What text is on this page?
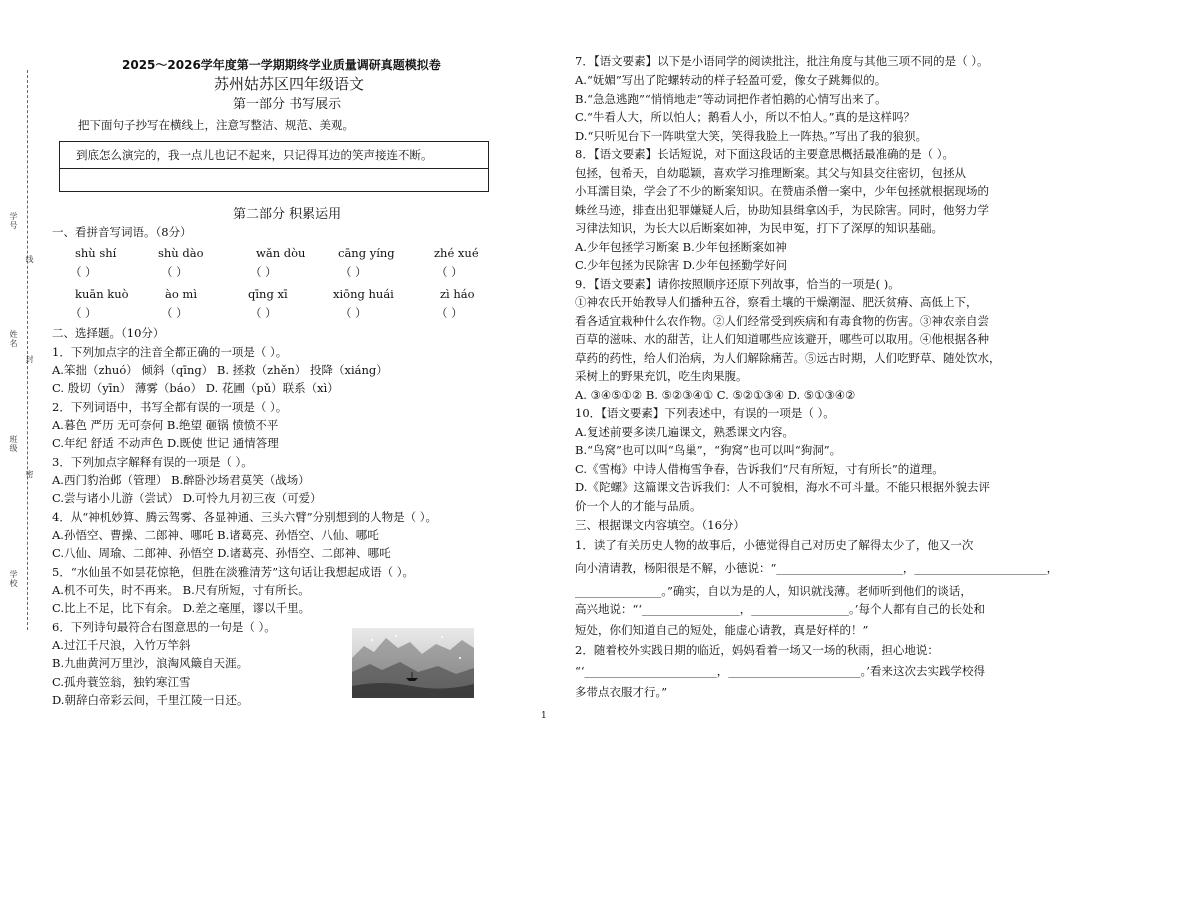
学校
班级
姓名
学号
密
封
线
2025～2026学年度第一学期期终学业质量调研真题模拟卷
苏州姑苏区四年级语文
第一部分 书写展示
把下面句子抄写在横线上，注意写整洁、规范、美观。
到底怎么演完的，我一点儿也记不起来，只记得耳边的笑声接连不断。
第二部分 积累运用
一、看拼音写词语。（8分）
shù shí	shù dào	wǎn dòu	cāng yíng	zhé xué
（ ）	（ ）	（ ）	（ ）	（ ）
kuān kuò	ào mì	qīng xī	xiōng huái	zì háo
（ ）	（ ）	（ ）	（ ）	（ ）
二、选择题。（10分）
1．下列加点字的注音全都正确的一项是（ ）。
A.笨拙（zhuó） 倾斜（qīng） B. 拯救（zhěn） 投降（xiáng）
C. 殷切（yīn） 薄雾（báo） D. 花圃（pǔ）联系（xì）
2．下列词语中，书写全都有误的一项是（ ）。
A.暮色 严历 无可奈何 B.绝望 砸锅 愤愤不平
C.年纪 舒适 不动声色 D.既使 世记 通情答理
3．下列加点字解释有误的一项是（ ）。
A.西门豹治邺（管理） B.醉卧沙场君莫笑（战场）
C.尝与诸小儿游（尝试） D.可怜九月初三夜（可爱）
4．从“神机妙算、腾云驾雾、各显神通、三头六臂”分别想到的人物是（ ）。
A.孙悟空、曹操、二郎神、哪吒 B.诸葛亮、孙悟空、八仙、哪吒
C.八仙、周瑜、二郎神、孙悟空 D.诸葛亮、孙悟空、二郎神、哪吒
5．“水仙虽不如昙花惊艳，但胜在淡雅清芳”这句话让我想起成语（ ）。
A.机不可失，时不再来。 B.尺有所短，寸有所长。
C.比上不足，比下有余。 D.差之毫厘，谬以千里。
6．下列诗句最符合右图意思的一句是（ ）。
A.过江千尺浪，入竹万竿斜
B.九曲黄河万里沙，浪淘风簸自天涯。
C.孤舟蓑笠翁，独钓寒江雪
D.朝辞白帝彩云间，千里江陵一日还。
7．【语文要素】以下是小语同学的阅读批注，批注角度与其他三项不同的是（ ）。
A.“妩媚”写出了陀螺转动的样子轻盈可爱，像女子跳舞似的。
B.“急急逃跑”“悄悄地走”等动词把作者怕鹅的心情写出来了。
C.“牛看人大，所以怕人；鹅看人小，所以不怕人。”真的是这样吗？
D.“只听见台下一阵哄堂大笑，笑得我脸上一阵热。”写出了我的狼狈。
8．【语文要素】长话短说，对下面这段话的主要意思概括最准确的是（ ）。
包拯，包希天，自幼聪颖，喜欢学习推理断案。其父与知县交往密切，包拯从
小耳濡目染，学会了不少的断案知识。在赞庙杀僧一案中，少年包拯就根据现场的
蛛丝马迹，排查出犯罪嫌疑人后，协助知县缉拿凶手，为民除害。同时，他努力学
习律法知识，为长大以后断案如神，为民申冤，打下了深厚的知识基础。
A.少年包拯学习断案 B.少年包拯断案如神
C.少年包拯为民除害 D.少年包拯勤学好问
9．【语文要素】请你按照顺序还原下列故事，恰当的一项是( )。
①神农氏开始教导人们播种五谷，察看土壤的干燥潮湿、肥沃贫瘠、高低上下，
看各适宜栽种什么农作物。②人们经常受到疾病和有毒食物的伤害。③神农亲自尝
百草的滋味、水的甜苦，让人们知道哪些应该避开，哪些可以取用。④他根据各种
草药的药性，给人们治病，为人们解除痛苦。⑤远古时期，人们吃野草、随处饮水，
采树上的野果充饥，吃生肉果腹。
A. ③④⑤①② B. ⑤②③④① C. ⑤②①③④ D. ⑤①③④②
10．【语文要素】下列表述中，有误的一项是（ ）。
A.复述前要多读几遍课文，熟悉课文内容。
B.“鸟窝”也可以叫“鸟巢”，“狗窝”也可以叫“狗洞”。
C.《雪梅》中诗人借梅雪争春，告诉我们“尺有所短，寸有所长”的道理。
D.《陀螺》这篇课文告诉我们：人不可貌相，海水不可斗量。不能只根据外貌去评
价一个人的才能与品质。
三、根据课文内容填空。（16分）
1．读了有关历史人物的故事后，小德觉得自己对历史了解得太少了，他又一次
向小清请教，杨阳很是不解，小德说：“______________________，_______________________，
_______________。”确实，自以为是的人，知识就浅薄。老师听到他们的谈话，
高兴地说：“‘_________________，_________________。’每个人都有自己的长处和
短处，你们知道自己的短处，能虚心请教，真是好样的！”
2．随着校外实践日期的临近，妈妈看着一场又一场的秋雨，担心地说：
“‘_______________________，_______________________。’看来这次去实践学校得
多带点衣服才行。”
1
